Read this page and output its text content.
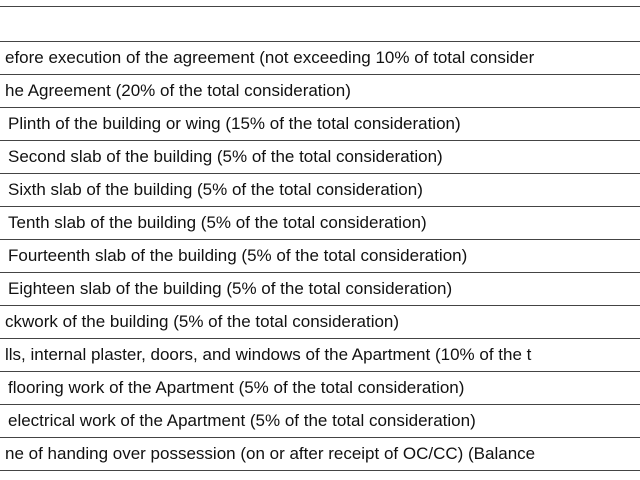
efore execution of the agreement (not exceeding 10% of total consider
he Agreement (20% of the total consideration)
Plinth of the building or wing (15% of the total consideration)
Second slab of the building (5% of the total consideration)
Sixth slab of the building (5% of the total consideration)
Tenth slab of the building (5% of the total consideration)
Fourteenth slab of the building (5% of the total consideration)
Eighteen slab of the building (5% of the total consideration)
ckwork of the building (5% of the total consideration)
lls, internal plaster, doors, and windows of the Apartment (10% of the t
flooring work of the Apartment (5% of the total consideration)
electrical work of the Apartment (5% of the total consideration)
ne of handing over possession (on or after receipt of OC/CC) (Balance
